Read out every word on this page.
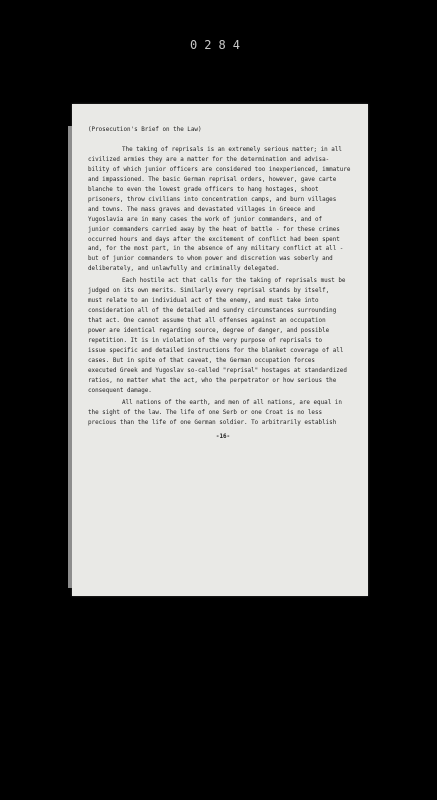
0284
(Prosecution's Brief on the Law)
The taking of reprisals is an extremely serious matter; in all
civilized armies they are a matter for the determination and advisa-
bility of which junior officers are considered too inexperienced, immature
and impassioned. The basic German reprisal orders, however, gave carte
blanche to even the lowest grade officers to hang hostages, shoot
prisoners, throw civilians into concentration camps, and burn villages
and towns. The mass graves and devastated villages in Greece and
Yugoslavia are in many cases the work of junior commanders, and of
junior commanders carried away by the heat of battle - for these crimes
occurred hours and days after the excitement of conflict had been spent
and, for the most part, in the absence of any military conflict at all -
but of junior commanders to whom power and discretion was soberly and
deliberately, and unlawfully and criminally delegated.
Each hostile act that calls for the taking of reprisals must be
judged on its own merits. Similarly every reprisal stands by itself,
must relate to an individual act of the enemy, and must take into
consideration all of the detailed and sundry circumstances surrounding
that act. One cannot assume that all offenses against an occupation
power are identical regarding source, degree of danger, and possible
repetition. It is in violation of the very purpose of reprisals to
issue specific and detailed instructions for the blanket coverage of all
cases. But in spite of that caveat, the German occupation forces
executed Greek and Yugoslav so-called "reprisal" hostages at standardized
ratios, no matter what the act, who the perpetrator or how serious the
consequent damage.
All nations of the earth, and men of all nations, are equal in
the sight of the law. The life of one Serb or one Croat is no less
precious than the life of one German soldier. To arbitrarily establish
-16-
